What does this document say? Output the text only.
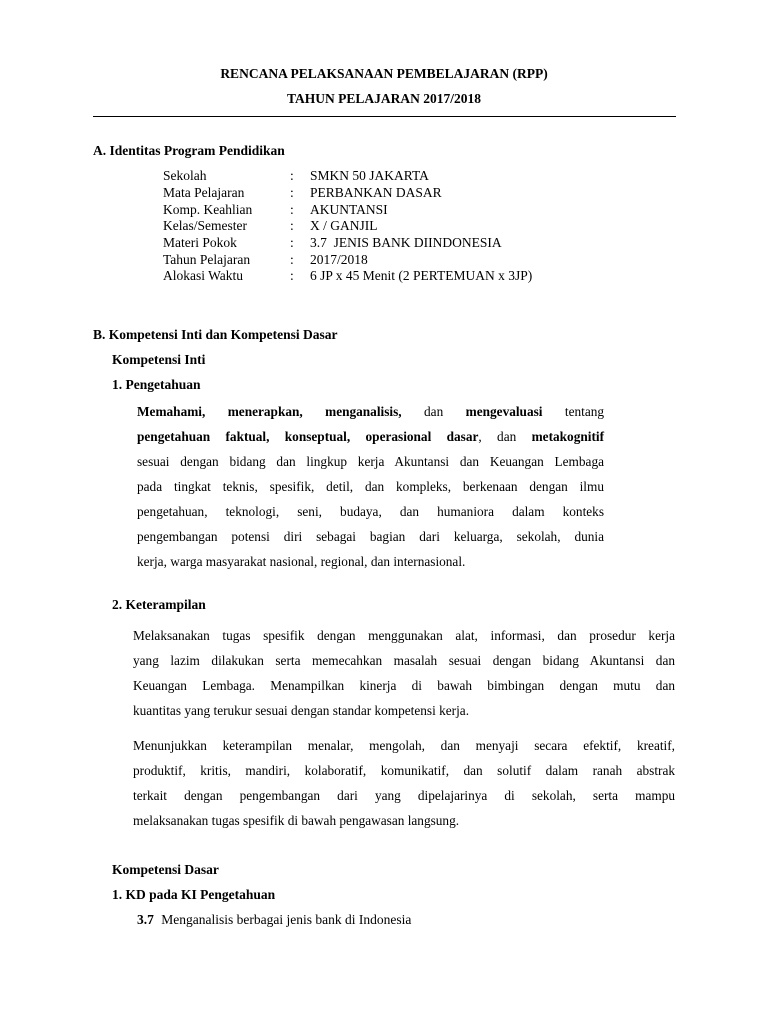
RENCANA PELAKSANAAN PEMBELAJARAN (RPP)
TAHUN PELAJARAN 2017/2018
A. Identitas Program Pendidikan
Sekolah	: SMKN 50 JAKARTA
Mata Pelajaran	: PERBANKAN DASAR
Komp. Keahlian	: AKUNTANSI
Kelas/Semester	: X / GANJIL
Materi Pokok	: 3.7  JENIS BANK DIINDONESIA
Tahun Pelajaran	: 2017/2018
Alokasi Waktu	: 6 JP x 45 Menit (2 PERTEMUAN x 3JP)
B. Kompetensi Inti dan Kompetensi Dasar
Kompetensi Inti
1. Pengetahuan
Memahami, menerapkan, menganalisis, dan mengevaluasi tentang
pengetahuan faktual, konseptual, operasional dasar, dan metakognitif
sesuai dengan bidang dan lingkup kerja Akuntansi dan Keuangan Lembaga
pada tingkat teknis, spesifik, detil, dan kompleks, berkenaan dengan ilmu
pengetahuan, teknologi, seni, budaya, dan humaniora dalam konteks
pengembangan potensi diri sebagai bagian dari keluarga, sekolah, dunia
kerja, warga masyarakat nasional, regional, dan internasional.
2. Keterampilan
Melaksanakan tugas spesifik dengan menggunakan alat, informasi, dan prosedur kerja
yang lazim dilakukan serta memecahkan masalah sesuai dengan bidang Akuntansi dan
Keuangan Lembaga. Menampilkan kinerja di bawah bimbingan dengan mutu dan
kuantitas yang terukur sesuai dengan standar kompetensi kerja.
Menunjukkan keterampilan menalar, mengolah, dan menyaji secara efektif, kreatif,
produktif, kritis, mandiri, kolaboratif, komunikatif, dan solutif dalam ranah abstrak
terkait dengan pengembangan dari yang dipelajarinya di sekolah, serta mampu
melaksanakan tugas spesifik di bawah pengawasan langsung.
Kompetensi Dasar
1. KD pada KI Pengetahuan
3.7 Menganalisis berbagai jenis bank di Indonesia
